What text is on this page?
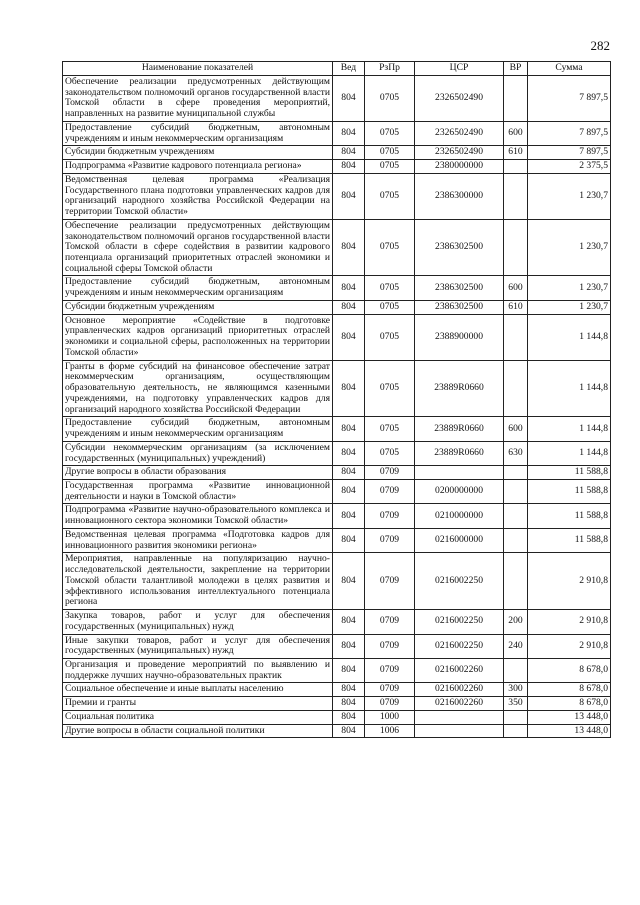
282
Наименование показателей	Вед	РзПр	ЦСР	ВР	Сумма
Обеспечение реализации предусмотренных действующим законодательством полномочий органов государственной власти Томской области в сфере проведения мероприятий, направленных на развитие муниципальной службы	804	0705	2326502490		7 897,5
Предоставление субсидий бюджетным, автономным учреждениям и иным некоммерческим организациям	804	0705	2326502490	600	7 897,5
Субсидии бюджетным учреждениям	804	0705	2326502490	610	7 897,5
Подпрограмма «Развитие кадрового потенциала региона»	804	0705	2380000000		2 375,5
Ведомственная целевая программа «Реализация Государственного плана подготовки управленческих кадров для организаций народного хозяйства Российской Федерации на территории Томской области»	804	0705	2386300000		1 230,7
Обеспечение реализации предусмотренных действующим законодательством полномочий органов государственной власти Томской области в сфере содействия в развитии кадрового потенциала организаций приоритетных отраслей экономики и социальной сферы Томской области	804	0705	2386302500		1 230,7
Предоставление субсидий бюджетным, автономным учреждениям и иным некоммерческим организациям	804	0705	2386302500	600	1 230,7
Субсидии бюджетным учреждениям	804	0705	2386302500	610	1 230,7
Основное мероприятие «Содействие в подготовке управленческих кадров организаций приоритетных отраслей экономики и социальной сферы, расположенных на территории Томской области»	804	0705	2388900000		1 144,8
Гранты в форме субсидий на финансовое обеспечение затрат некоммерческим организациям, осуществляющим образовательную деятельность, не являющимся казенными учреждениями, на подготовку управленческих кадров для организаций народного хозяйства Российской Федерации	804	0705	23889R0660		1 144,8
Предоставление субсидий бюджетным, автономным учреждениям и иным некоммерческим организациям	804	0705	23889R0660	600	1 144,8
Субсидии некоммерческим организациям (за исключением государственных (муниципальных) учреждений)	804	0705	23889R0660	630	1 144,8
Другие вопросы в области образования	804	0709			11 588,8
Государственная программа «Развитие инновационной деятельности и науки в Томской области»	804	0709	0200000000		11 588,8
Подпрограмма «Развитие научно-образовательного комплекса и инновационного сектора экономики Томской области»	804	0709	0210000000		11 588,8
Ведомственная целевая программа «Подготовка кадров для инновационного развития экономики региона»	804	0709	0216000000		11 588,8
Мероприятия, направленные на популяризацию научно-исследовательской деятельности, закрепление на территории Томской области талантливой молодежи в целях развития и эффективного использования интеллектуального потенциала региона	804	0709	0216002250		2 910,8
Закупка товаров, работ и услуг для обеспечения государственных (муниципальных) нужд	804	0709	0216002250	200	2 910,8
Иные закупки товаров, работ и услуг для обеспечения государственных (муниципальных) нужд	804	0709	0216002250	240	2 910,8
Организация и проведение мероприятий по выявлению и поддержке лучших научно-образовательных практик	804	0709	0216002260		8 678,0
Социальное обеспечение и иные выплаты населению	804	0709	0216002260	300	8 678,0
Премии и гранты	804	0709	0216002260	350	8 678,0
Социальная политика	804	1000			13 448,0
Другие вопросы в области социальной политики	804	1006			13 448,0
